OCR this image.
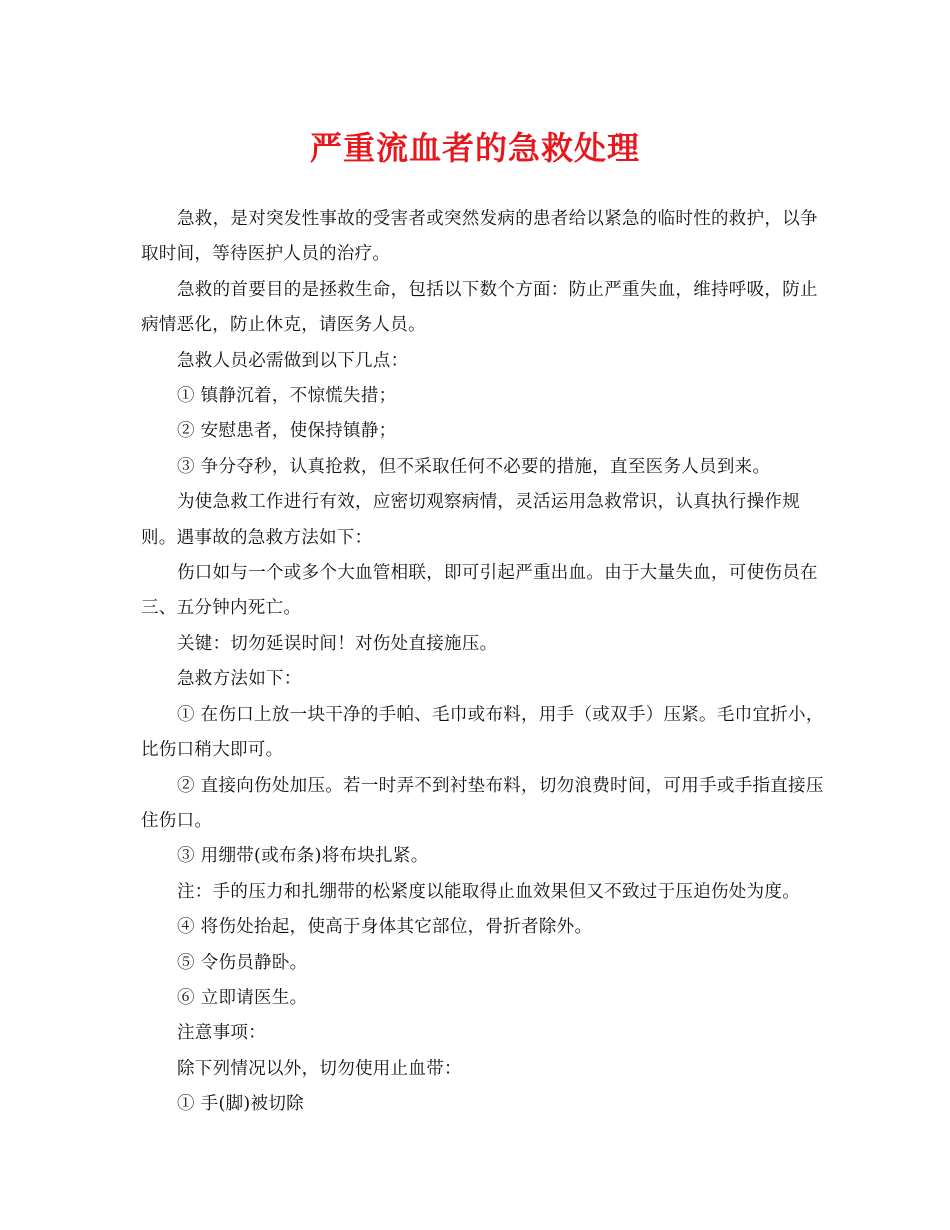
严重流血者的急救处理

急救，是对突发性事故的受害者或突然发病的患者给以紧急的临时性的救护，以争取时间，等待医护人员的治疗。

急救的首要目的是拯救生命，包括以下数个方面：防止严重失血，维持呼吸，防止病情恶化，防止休克，请医务人员。

急救人员必需做到以下几点：

① 镇静沉着，不惊慌失措；

② 安慰患者，使保持镇静；

③ 争分夺秒，认真抢救，但不采取任何不必要的措施，直至医务人员到来。

为使急救工作进行有效，应密切观察病情，灵活运用急救常识，认真执行操作规则。遇事故的急救方法如下：

伤口如与一个或多个大血管相联，即可引起严重出血。由于大量失血，可使伤员在三、五分钟内死亡。

关键：切勿延误时间！对伤处直接施压。

急救方法如下：

① 在伤口上放一块干净的手帕、毛巾或布料，用手（或双手）压紧。毛巾宜折小，比伤口稍大即可。

② 直接向伤处加压。若一时弄不到衬垫布料，切勿浪费时间，可用手或手指直接压住伤口。

③ 用绷带(或布条)将布块扎紧。

注：手的压力和扎绷带的松紧度以能取得止血效果但又不致过于压迫伤处为度。

④ 将伤处抬起，使高于身体其它部位，骨折者除外。

⑤ 令伤员静卧。

⑥ 立即请医生。

注意事项：

除下列情况以外，切勿使用止血带：

① 手(脚)被切除
